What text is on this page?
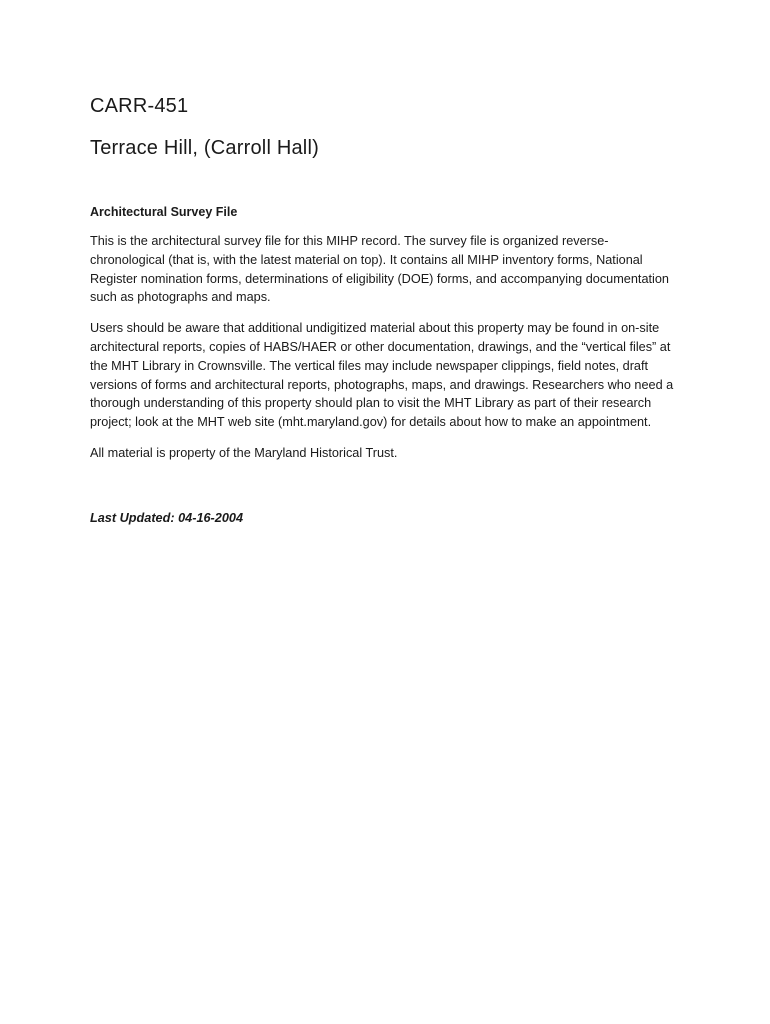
CARR-451
Terrace Hill, (Carroll Hall)
Architectural Survey File
This is the architectural survey file for this MIHP record. The survey file is organized reverse-chronological (that is, with the latest material on top). It contains all MIHP inventory forms, National Register nomination forms, determinations of eligibility (DOE) forms, and accompanying documentation such as photographs and maps.
Users should be aware that additional undigitized material about this property may be found in on-site architectural reports, copies of HABS/HAER or other documentation, drawings, and the “vertical files” at the MHT Library in Crownsville. The vertical files may include newspaper clippings, field notes, draft versions of forms and architectural reports, photographs, maps, and drawings. Researchers who need a thorough understanding of this property should plan to visit the MHT Library as part of their research project; look at the MHT web site (mht.maryland.gov) for details about how to make an appointment.
All material is property of the Maryland Historical Trust.
Last Updated: 04-16-2004
